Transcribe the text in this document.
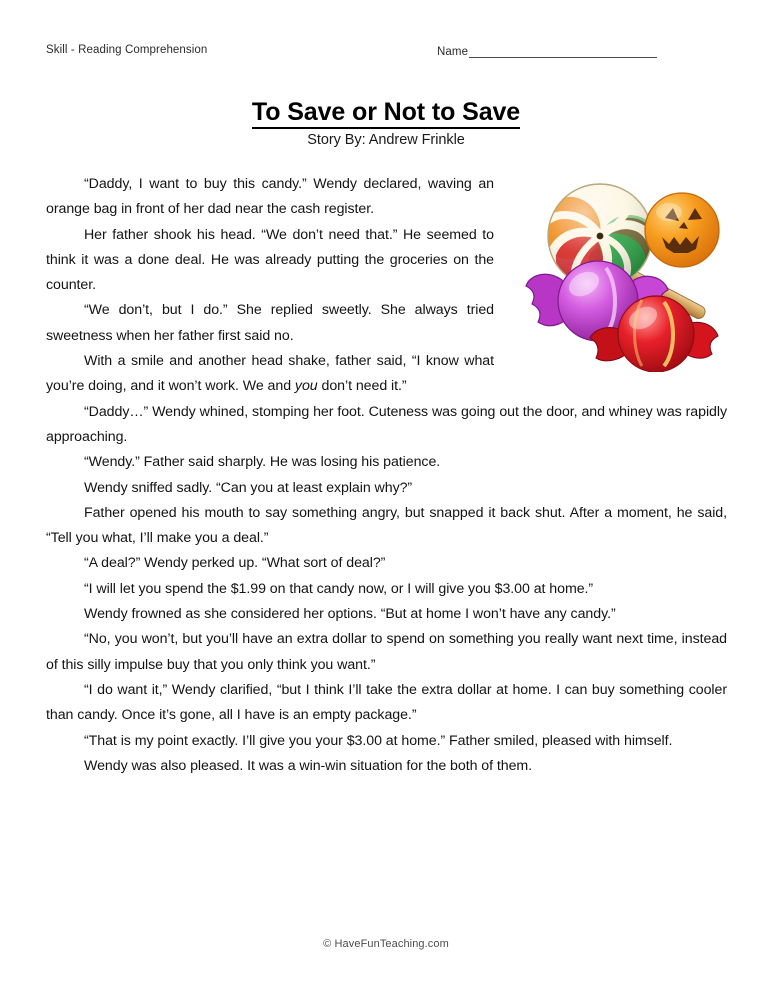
Skill - Reading Comprehension	Name
To Save or Not to Save
Story By: Andrew Frinkle

“Daddy, I want to buy this candy.” Wendy declared, waving an orange bag in front of her dad near the cash register.

Her father shook his head. “We don’t need that.” He seemed to think it was a done deal. He was already putting the groceries on the counter.

“We don’t, but I do.” She replied sweetly. She always tried sweetness when her father first said no.

With a smile and another head shake, father said, “I know what you’re doing, and it won’t work. We and you don’t need it.”

“Daddy…” Wendy whined, stomping her foot. Cuteness was going out the door, and whiney was rapidly approaching.

“Wendy.” Father said sharply. He was losing his patience.

Wendy sniffed sadly. “Can you at least explain why?”

Father opened his mouth to say something angry, but snapped it back shut. After a moment, he said, “Tell you what, I’ll make you a deal.”

“A deal?” Wendy perked up. “What sort of deal?”

“I will let you spend the $1.99 on that candy now, or I will give you $3.00 at home.”

Wendy frowned as she considered her options. “But at home I won’t have any candy.”

“No, you won’t, but you’ll have an extra dollar to spend on something you really want next time, instead of this silly impulse buy that you only think you want.”

“I do want it,” Wendy clarified, “but I think I’ll take the extra dollar at home. I can buy something cooler than candy. Once it’s gone, all I have is an empty package.”

“That is my point exactly. I’ll give you your $3.00 at home.” Father smiled, pleased with himself.

Wendy was also pleased. It was a win-win situation for the both of them.

© HaveFunTeaching.com
